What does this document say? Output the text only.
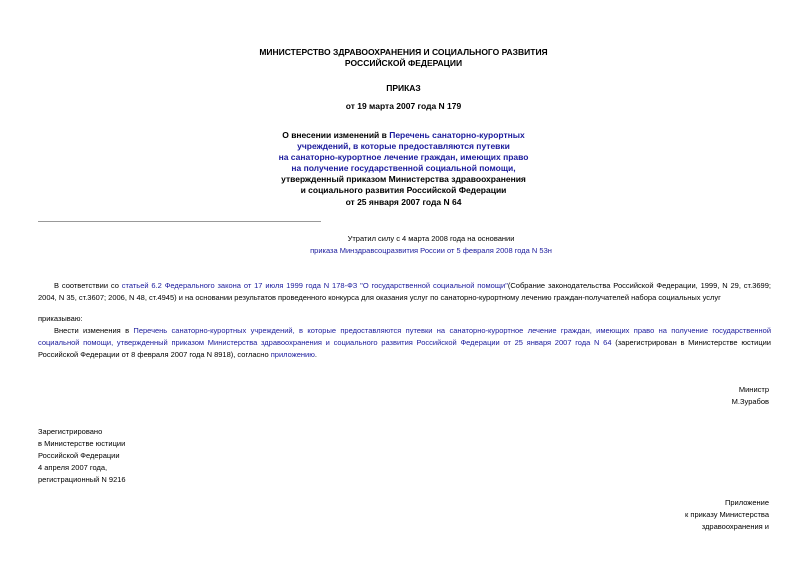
МИНИСТЕРСТВО ЗДРАВООХРАНЕНИЯ И СОЦИАЛЬНОГО РАЗВИТИЯ
РОССИЙСКОЙ ФЕДЕРАЦИИ
ПРИКАЗ
от 19 марта 2007 года N 179
О внесении изменений в Перечень санаторно-курортных
учреждений, в которые предоставляются путевки
на санаторно-курортное лечение граждан, имеющих право
на получение государственной социальной помощи,
утвержденный приказом Министерства здравоохранения
и социального развития Российской Федерации
от 25 января 2007 года N 64
Утратил силу с 4 марта 2008 года на основании
приказа Минздравсоцразвития России от 5 февраля 2008 года N 53н
В соответствии со статьей 6.2 Федерального закона от 17 июля 1999 года N 178-ФЗ "О государственной социальной помощи"(Собрание законодательства Российской Федерации, 1999, N 29, ст.3699; 2004, N 35, ст.3607; 2006, N 48, ст.4945) и на основании результатов проведенного конкурса для оказания услуг по санаторно-курортному лечению граждан-получателей набора социальных услуг
приказываю:
Внести изменения в Перечень санаторно-курортных учреждений, в которые предоставляются путевки на санаторно-курортное лечение граждан, имеющих право на получение государственной социальной помощи, утвержденный приказом Министерства здравоохранения и социального развития Российской Федерации от 25 января 2007 года N 64 (зарегистрирован в Министерстве юстиции Российской Федерации от 8 февраля 2007 года N 8918), согласно приложению.
Министр
М.Зурабов
Зарегистрировано
в Министерстве юстиции
Российской Федерации
4 апреля 2007 года,
регистрационный N 9216
Приложение
к приказу Министерства
здравоохранения и
